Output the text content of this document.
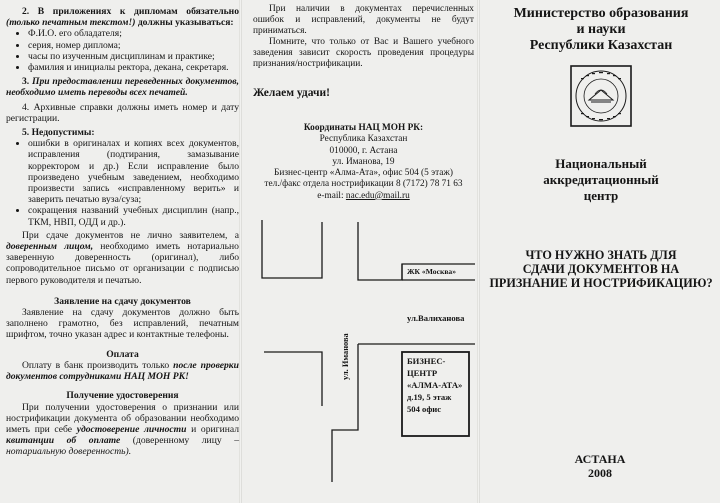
2. В приложениях к дипломам обязательно (только печатным текстом!) должны указываться:

• Ф.И.О. его обладателя;
• серия, номер диплома;
• часы по изученным дисциплинам и практике;
• фамилия и инициалы ректора, декана, секретаря.

3. При предоставлении переведенных документов, необходимо иметь переводы всех печатей.

4. Архивные справки должны иметь номер и дату регистрации.

5. Недопустимы:

• ошибки в оригиналах и копиях всех документов, исправления (подтирания, замазывание корректором и др.) Если исправление было произведено учебным заведением, необходимо произвести запись «исправленному верить» и заверить печатью вуза/суза;
• сокращения названий учебных дисциплин (напр., ТКМ, НВП, ОДД и др.).

При сдаче документов не лично заявителем, а доверенным лицом, необходимо иметь нотариально заверенную доверенность (оригинал), либо сопроводительное письмо от организации с подписью первого руководителя и печатью.

Заявление на сдачу документов

Заявление на сдачу документов должно быть заполнено грамотно, без исправлений, печатным шрифтом, точно указан адрес и контактные телефоны.

Оплата

Оплату в банк производить только после проверки документов сотрудниками НАЦ МОН РК!

Получение удостоверения

При получении удостоверения о признании или нострификации документа об образовании необходимо иметь при себе удостоверение личности и оригинал квитанции об оплате (доверенному лицу – нотариальную доверенность).

При наличии в документах перечисленных ошибок и исправлений, документы не будут приниматься.

Помните, что только от Вас и Вашего учебного заведения зависит скорость проведения процедуры признания/нострификации.

Желаем удачи!

Координаты НАЦ МОН РК:
Республика Казахстан
010000, г. Астана
ул. Иманова, 19
Бизнес-центр «Алма-Ата», офис 504 (5 этаж)
тел./факс отдела нострификации 8 (7172) 78 71 63
e-mail: nac.edu@mail.ru
ЖК «Москва»
ул.Валиханова
ул. Иманова	БИЗНЕС-
ЦЕНТР
«АЛМА-АТА»
д.19, 5 этаж
504 офис
Министерство образования
и науки
Республики Казахстан
Национальный
аккредитационный
центр
ЧТО НУЖНО ЗНАТЬ ДЛЯ
СДАЧИ ДОКУМЕНТОВ НА
ПРИЗНАНИЕ И НОСТРИФИКАЦИЮ?
АСТАНА
2008
